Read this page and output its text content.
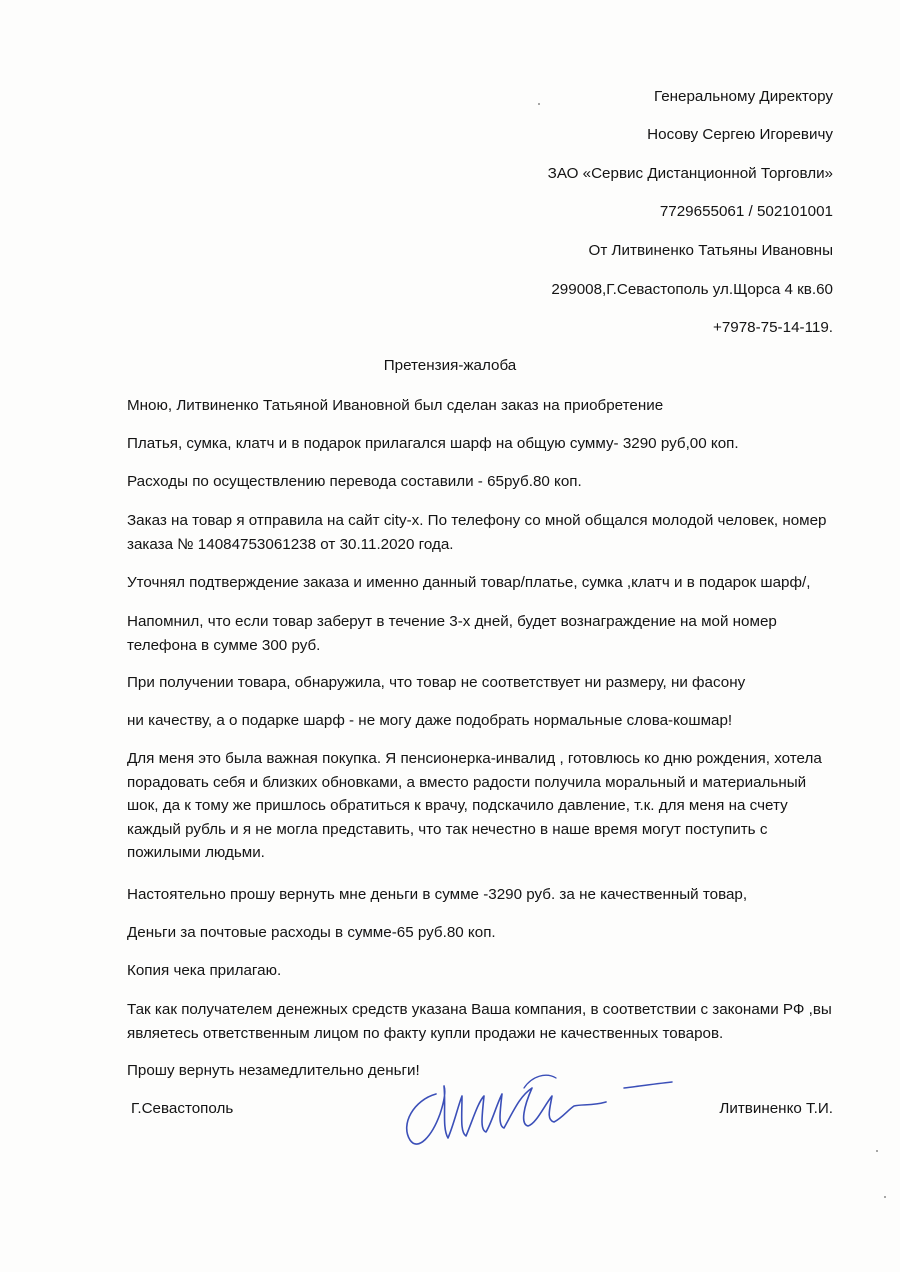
Генеральному Директору
Носову Сергею Игоревичу
ЗАО «Сервис Дистанционной Торговли»
7729655061 / 502101001
От Литвиненко Татьяны Ивановны
299008,Г.Севастополь ул.Щорса 4 кв.60
+7978-75-14-119.
Претензия-жалоба
Мною, Литвиненко Татьяной Ивановной был сделан заказ на приобретение
Платья, сумка, клатч и в подарок прилагался шарф на общую сумму- 3290 руб,00 коп.
Расходы по осуществлению перевода составили - 65руб.80 коп.
Заказ на товар я отправила на сайт city-x. По телефону со мной общался молодой человек, номер заказа № 14084753061238 от 30.11.2020 года.
Уточнял подтверждение заказа и именно данный товар/платье, сумка ,клатч и в подарок шарф/,
Напомнил, что если товар заберут в течение 3-х дней, будет вознаграждение на мой номер телефона в сумме 300 руб.
При получении товара, обнаружила, что товар не соответствует ни размеру, ни фасону
ни качеству, а о подарке шарф - не могу даже подобрать нормальные слова-кошмар!
Для меня это была важная покупка. Я пенсионерка-инвалид , готовлюсь ко дню рождения, хотела порадовать себя и близких обновками, а вместо радости получила моральный и материальный шок, да к тому же пришлось обратиться к врачу, подскачило давление, т.к. для меня на счету каждый рубль и я не могла представить, что так нечестно в наше время могут поступить с пожилыми людьми.
Настоятельно прошу вернуть мне деньги в сумме -3290 руб. за не качественный товар,
Деньги за почтовые расходы в сумме-65 руб.80 коп.
Копия чека прилагаю.
Так как получателем денежных средств указана Ваша компания, в соответствии с законами РФ ,вы являетесь ответственным лицом по факту купли продажи не качественных товаров.
Прошу вернуть незамедлительно деньги!
Г.Севастополь	Литвиненко Т.И.
